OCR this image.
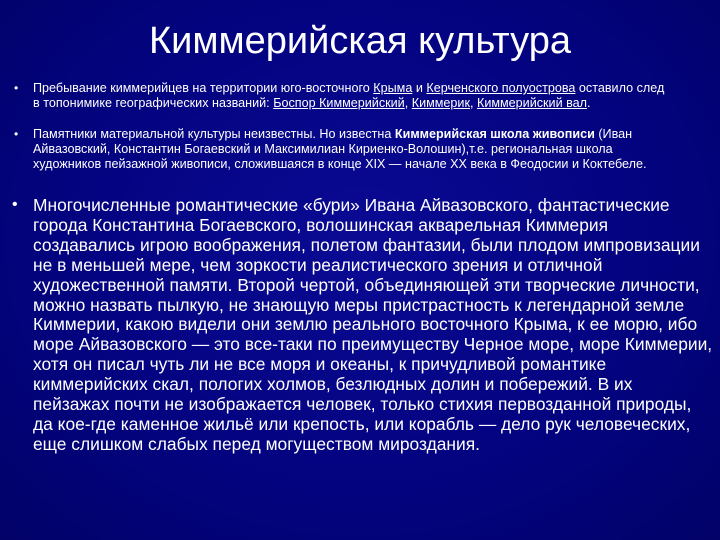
Киммерийская культура
• Пребывание киммерийцев на территории юго-восточного Крыма и Керченского полуострова оставило след в топонимике географических названий: Боспор Киммерийский, Киммерик, Киммерийский вал.
• Памятники материальной культуры неизвестны. Но известна Киммерийская школа живописи (Иван Айвазовский, Константин Богаевский и Максимилиан Кириенко-Волошин),т.е. региональная школа художников пейзажной живописи, сложившаяся в конце XIX — начале XX века в Феодосии и Коктебеле.
• Многочисленные романтические «бури» Ивана Айвазовского, фантастические города Константина Богаевского, волошинская акварельная Киммерия создавались игрою воображения, полетом фантазии, были плодом импровизации не в меньшей мере, чем зоркости реалистического зрения и отличной художественной памяти. Второй чертой, объединяющей эти творческие личности, можно назвать пылкую, не знающую меры пристрастность к легендарной земле Киммерии, какою видели они землю реального восточного Крыма, к ее морю, ибо море Айвазовского — это все-таки по преимуществу Черное море, море Киммерии, хотя он писал чуть ли не все моря и океаны, к причудливой романтике киммерийских скал, пологих холмов, безлюдных долин и побережий. В их пейзажах почти не изображается человек, только стихия первозданной природы, да кое-где каменное жильё или крепость, или корабль — дело рук человеческих, еще слишком слабых перед могуществом мироздания.
